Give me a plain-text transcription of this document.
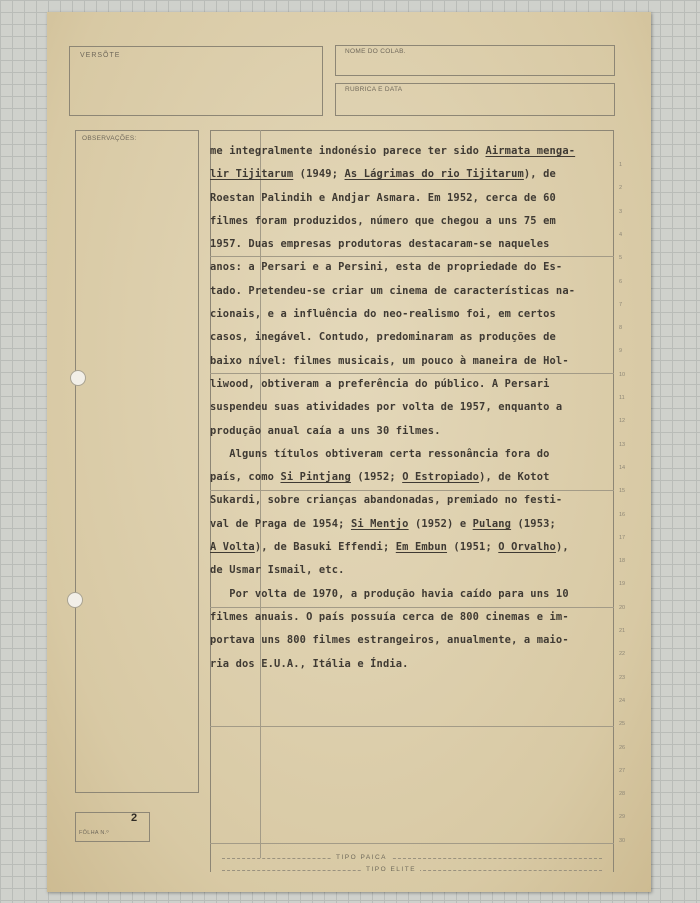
VERSÕTE
NOME DO COLAB.
RUBRICA E DATA
OBSERVAÇÕES:
me integralmente indonésio parece ter sido Airmata menga-
lir Tijitarum (1949; As Lágrimas do rio Tijitarum), de
Roestan Palindih e Andjar Asmara. Em 1952, cerca de 60
filmes foram produzidos, número que chegou a uns 75 em
1957. Duas empresas produtoras destacaram-se naqueles
anos: a Persari e a Persini, esta de propriedade do Es-
tado. Pretendeu-se criar um cinema de características na-
cionais, e a influência do neo-realismo foi, em certos
casos, inegável. Contudo, predominaram as produções de
baixo nível: filmes musicais, um pouco à maneira de Hol-
liwood, obtiveram a preferência do público. A Persari
suspendeu suas atividades por volta de 1957, enquanto a
produção anual caía a uns 30 filmes.
Alguns títulos obtiveram certa ressonância fora do
país, como Si Pintjang (1952; O Estropiado), de Kotot
Sukardi, sobre crianças abandonadas, premiado no festi-
val de Praga de 1954; Si Mentjo (1952) e Pulang (1953;
A Volta), de Basuki Effendi; Em Embun (1951; O Orvalho),
de Usmar Ismail, etc.
Por volta de 1970, a produção havia caído para uns 10
filmes anuais. O país possuía cerca de 800 cinemas e im-
portava uns 800 filmes estrangeiros, anualmente, a maio-
ria dos E.U.A., Itália e Índia.
1
2
3
4
5
6
7
8
9
10
11
12
13
14
15
16
17
18
19
20
21
22
23
24
25
26
27
28
29
30
FÔLHA N.º
2
TIPO PAICA
TIPO ELITE
